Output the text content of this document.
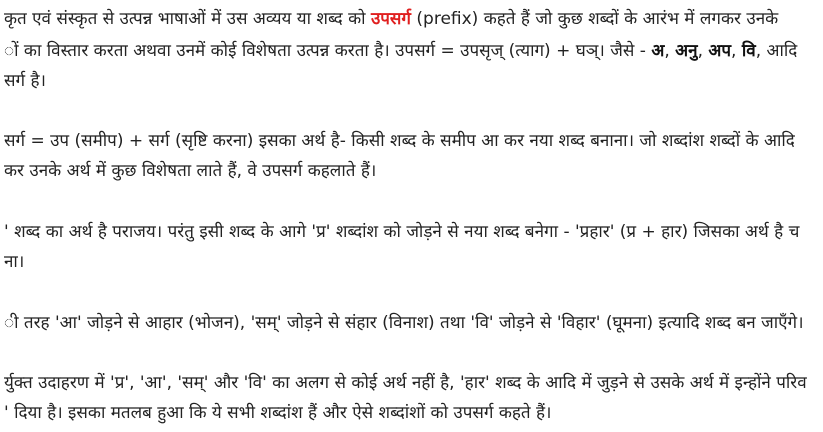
कृत एवं संस्कृत से उत्पन्न भाषाओं में उस अव्यय या शब्द को उपसर्ग (prefix) कहते हैं जो कुछ शब्दों के आरंभ में लगकर उनके
ों का विस्तार करता अथवा उनमें कोई विशेषता उत्पन्न करता है। उपसर्ग = उपसृज् (त्याग) + घञ्। जैसे - अ, अनु, अप, वि, आदि
सर्ग है।
सर्ग = उप (समीप) + सर्ग (सृष्टि करना) इसका अर्थ है- किसी शब्द के समीप आ कर नया शब्द बनाना। जो शब्दांश शब्दों के आदि
कर उनके अर्थ में कुछ विशेषता लाते हैं, वे उपसर्ग कहलाते हैं।
' शब्द का अर्थ है पराजय। परंतु इसी शब्द के आगे 'प्र' शब्दांश को जोड़ने से नया शब्द बनेगा - 'प्रहार' (प्र + हार) जिसका अर्थ है च
ना।
ी तरह 'आ' जोड़ने से आहार (भोजन), 'सम्' जोड़ने से संहार (विनाश) तथा 'वि' जोड़ने से 'विहार' (घूमना) इत्यादि शब्द बन जाएँगे।
र्युक्त उदाहरण में 'प्र', 'आ', 'सम्' और 'वि' का अलग से कोई अर्थ नहीं है, 'हार' शब्द के आदि में जुड़ने से उसके अर्थ में इन्होंने परिव
' दिया है। इसका मतलब हुआ कि ये सभी शब्दांश हैं और ऐसे शब्दांशों को उपसर्ग कहते हैं।
